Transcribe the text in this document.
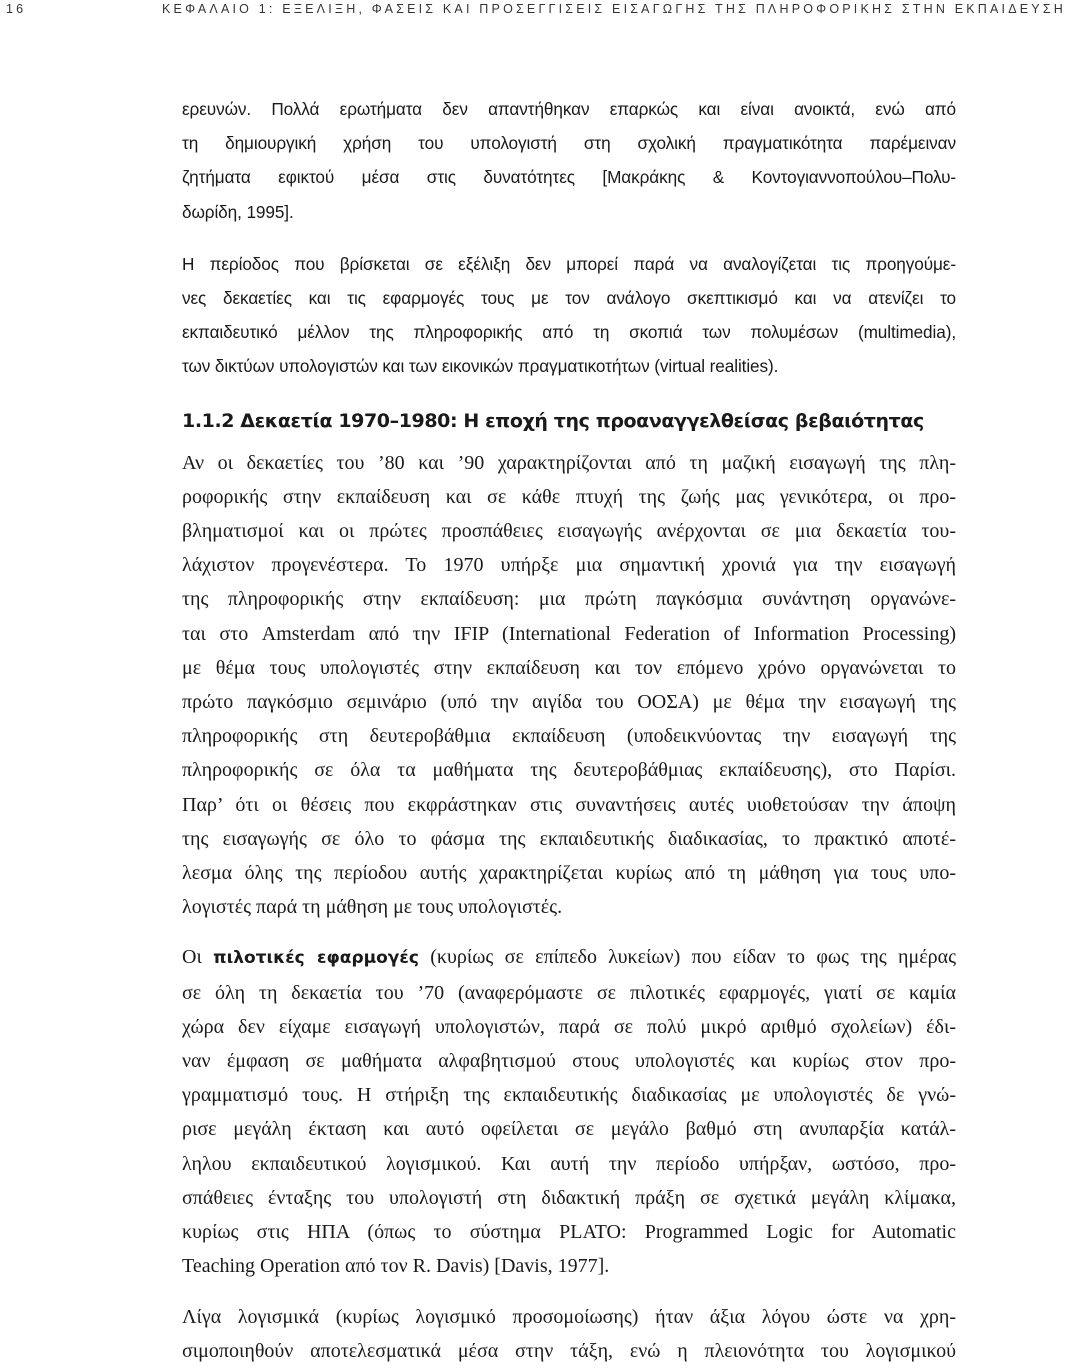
16	ΚΕΦΑΛΑΙΟ 1: ΕΞΕΛΙΞΗ, ΦΑΣΕΙΣ ΚΑΙ ΠΡΟΣΕΓΓΙΣΕΙΣ ΕΙΣΑΓΩΓΗΣ ΤΗΣ ΠΛΗΡΟΦΟΡΙΚΗΣ ΣΤΗΝ ΕΚΠΑΙΔΕΥΣΗ

ερευνών. Πολλά ερωτήματα δεν απαντήθηκαν επαρκώς και είναι ανοικτά, ενώ από
τη δημιουργική χρήση του υπολογιστή στη σχολική πραγματικότητα παρέμειναν
ζητήματα εφικτού μέσα στις δυνατότητες [Μακράκης & Κοντογιαννοπούλου–Πολυ-
δωρίδη, 1995].

Η περίοδος που βρίσκεται σε εξέλιξη δεν μπορεί παρά να αναλογίζεται τις προηγούμε-
νες δεκαετίες και τις εφαρμογές τους με τον ανάλογο σκεπτικισμό και να ατενίζει το
εκπαιδευτικό μέλλον της πληροφορικής από τη σκοπιά των πολυμέσων (multimedia),
των δικτύων υπολογιστών και των εικονικών πραγματικοτήτων (virtual realities).

1.1.2 Δεκαετία 1970–1980: Η εποχή της προαναγγελθείσας βεβαιότητας

Αν οι δεκαετίες του ’80 και ’90 χαρακτηρίζονται από τη μαζική εισαγωγή της πλη-
ροφορικής στην εκπαίδευση και σε κάθε πτυχή της ζωής μας γενικότερα, οι προ-
βληματισμοί και οι πρώτες προσπάθειες εισαγωγής ανέρχονται σε μια δεκαετία του-
λάχιστον προγενέστερα. Το 1970 υπήρξε μια σημαντική χρονιά για την εισαγωγή
της πληροφορικής στην εκπαίδευση: μια πρώτη παγκόσμια συνάντηση οργανώνε-
ται στο Amsterdam από την IFIP (International Federation of Information Processing)
με θέμα τους υπολογιστές στην εκπαίδευση και τον επόμενο χρόνο οργανώνεται το
πρώτο παγκόσμιο σεμινάριο (υπό την αιγίδα του ΟΟΣΑ) με θέμα την εισαγωγή της
πληροφορικής στη δευτεροβάθμια εκπαίδευση (υποδεικνύοντας την εισαγωγή της
πληροφορικής σε όλα τα μαθήματα της δευτεροβάθμιας εκπαίδευσης), στο Παρίσι.
Παρ’ ότι οι θέσεις που εκφράστηκαν στις συναντήσεις αυτές υιοθετούσαν την άποψη
της εισαγωγής σε όλο το φάσμα της εκπαιδευτικής διαδικασίας, το πρακτικό αποτέ-
λεσμα όλης της περίοδου αυτής χαρακτηρίζεται κυρίως από τη μάθηση για τους υπο-
λογιστές παρά τη μάθηση με τους υπολογιστές.

Οι πιλοτικές εφαρμογές (κυρίως σε επίπεδο λυκείων) που είδαν το φως της ημέρας
σε όλη τη δεκαετία του ’70 (αναφερόμαστε σε πιλοτικές εφαρμογές, γιατί σε καμία
χώρα δεν είχαμε εισαγωγή υπολογιστών, παρά σε πολύ μικρό αριθμό σχολείων) έδι-
ναν έμφαση σε μαθήματα αλφαβητισμού στους υπολογιστές και κυρίως στον προ-
γραμματισμό τους. Η στήριξη της εκπαιδευτικής διαδικασίας με υπολογιστές δε γνώ-
ρισε μεγάλη έκταση και αυτό οφείλεται σε μεγάλο βαθμό στη ανυπαρξία κατάλ-
ληλου εκπαιδευτικού λογισμικού. Και αυτή την περίοδο υπήρξαν, ωστόσο, προ-
σπάθειες ένταξης του υπολογιστή στη διδακτική πράξη σε σχετικά μεγάλη κλίμακα,
κυρίως στις ΗΠΑ (όπως το σύστημα PLATO: Programmed Logic for Automatic
Teaching Operation από τον R. Davis) [Davis, 1977].

Λίγα λογισμικά (κυρίως λογισμικό προσομοίωσης) ήταν άξια λόγου ώστε να χρη-
σιμοποιηθούν αποτελεσματικά μέσα στην τάξη, ενώ η πλειονότητα του λογισμικού
